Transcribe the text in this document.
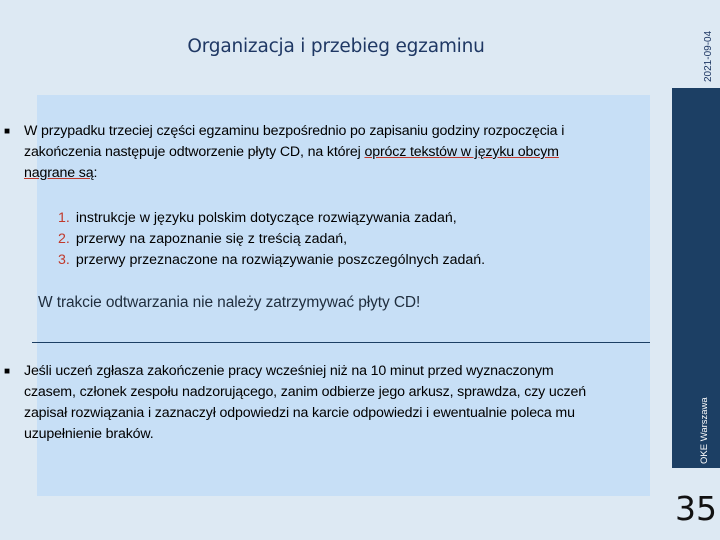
2021-09-04
OKE Warszawa
35
Organizacja i przebieg egzaminu
■ W przypadku trzeciej części egzaminu bezpośrednio po zapisaniu godziny rozpoczęcia i zakończenia następuje odtworzenie płyty CD, na której oprócz tekstów w języku obcym nagrane są:
1. instrukcje w języku polskim dotyczące rozwiązywania zadań,
2. przerwy na zapoznanie się z treścią zadań,
3. przerwy przeznaczone na rozwiązywanie poszczególnych zadań.
W trakcie odtwarzania nie należy zatrzymywać płyty CD!
■ Jeśli uczeń zgłasza zakończenie pracy wcześniej niż na 10 minut przed wyznaczonym czasem, członek zespołu nadzorującego, zanim odbierze jego arkusz, sprawdza, czy uczeń zapisał rozwiązania i zaznaczył odpowiedzi na karcie odpowiedzi i ewentualnie poleca mu uzupełnienie braków.
